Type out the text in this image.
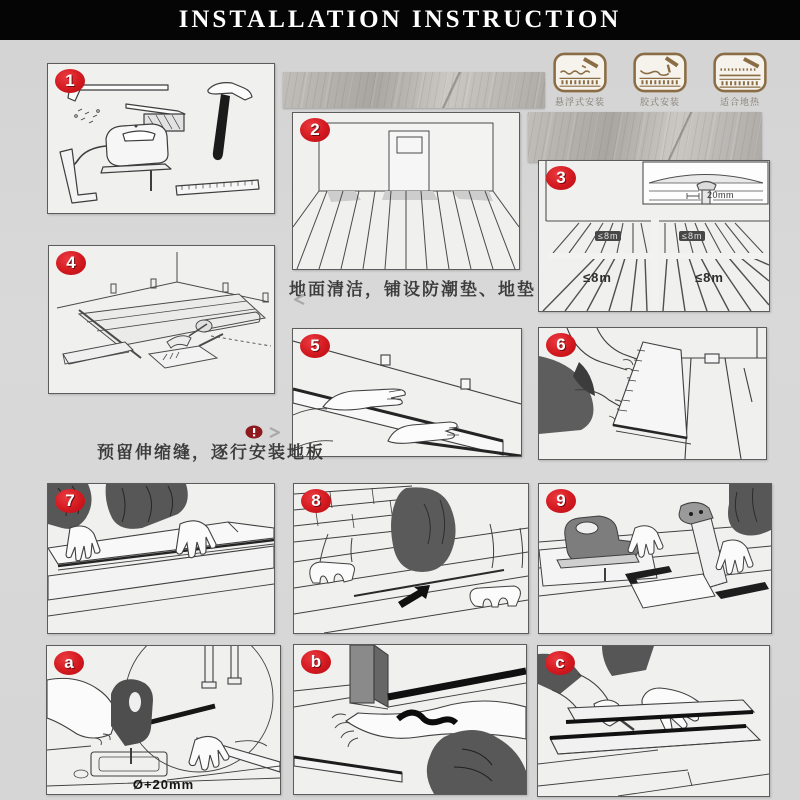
INSTALLATION INSTRUCTION
悬浮式安装	胶式安装	适合地热
1
2
3
≤8m	≤8m
≤8m	≤8m
20mm
4
5	6
地面清洁，铺设防潮垫、地垫
预留伸缩缝，逐行安装地板
7	8	9
a
Ø+20mm
b	c
